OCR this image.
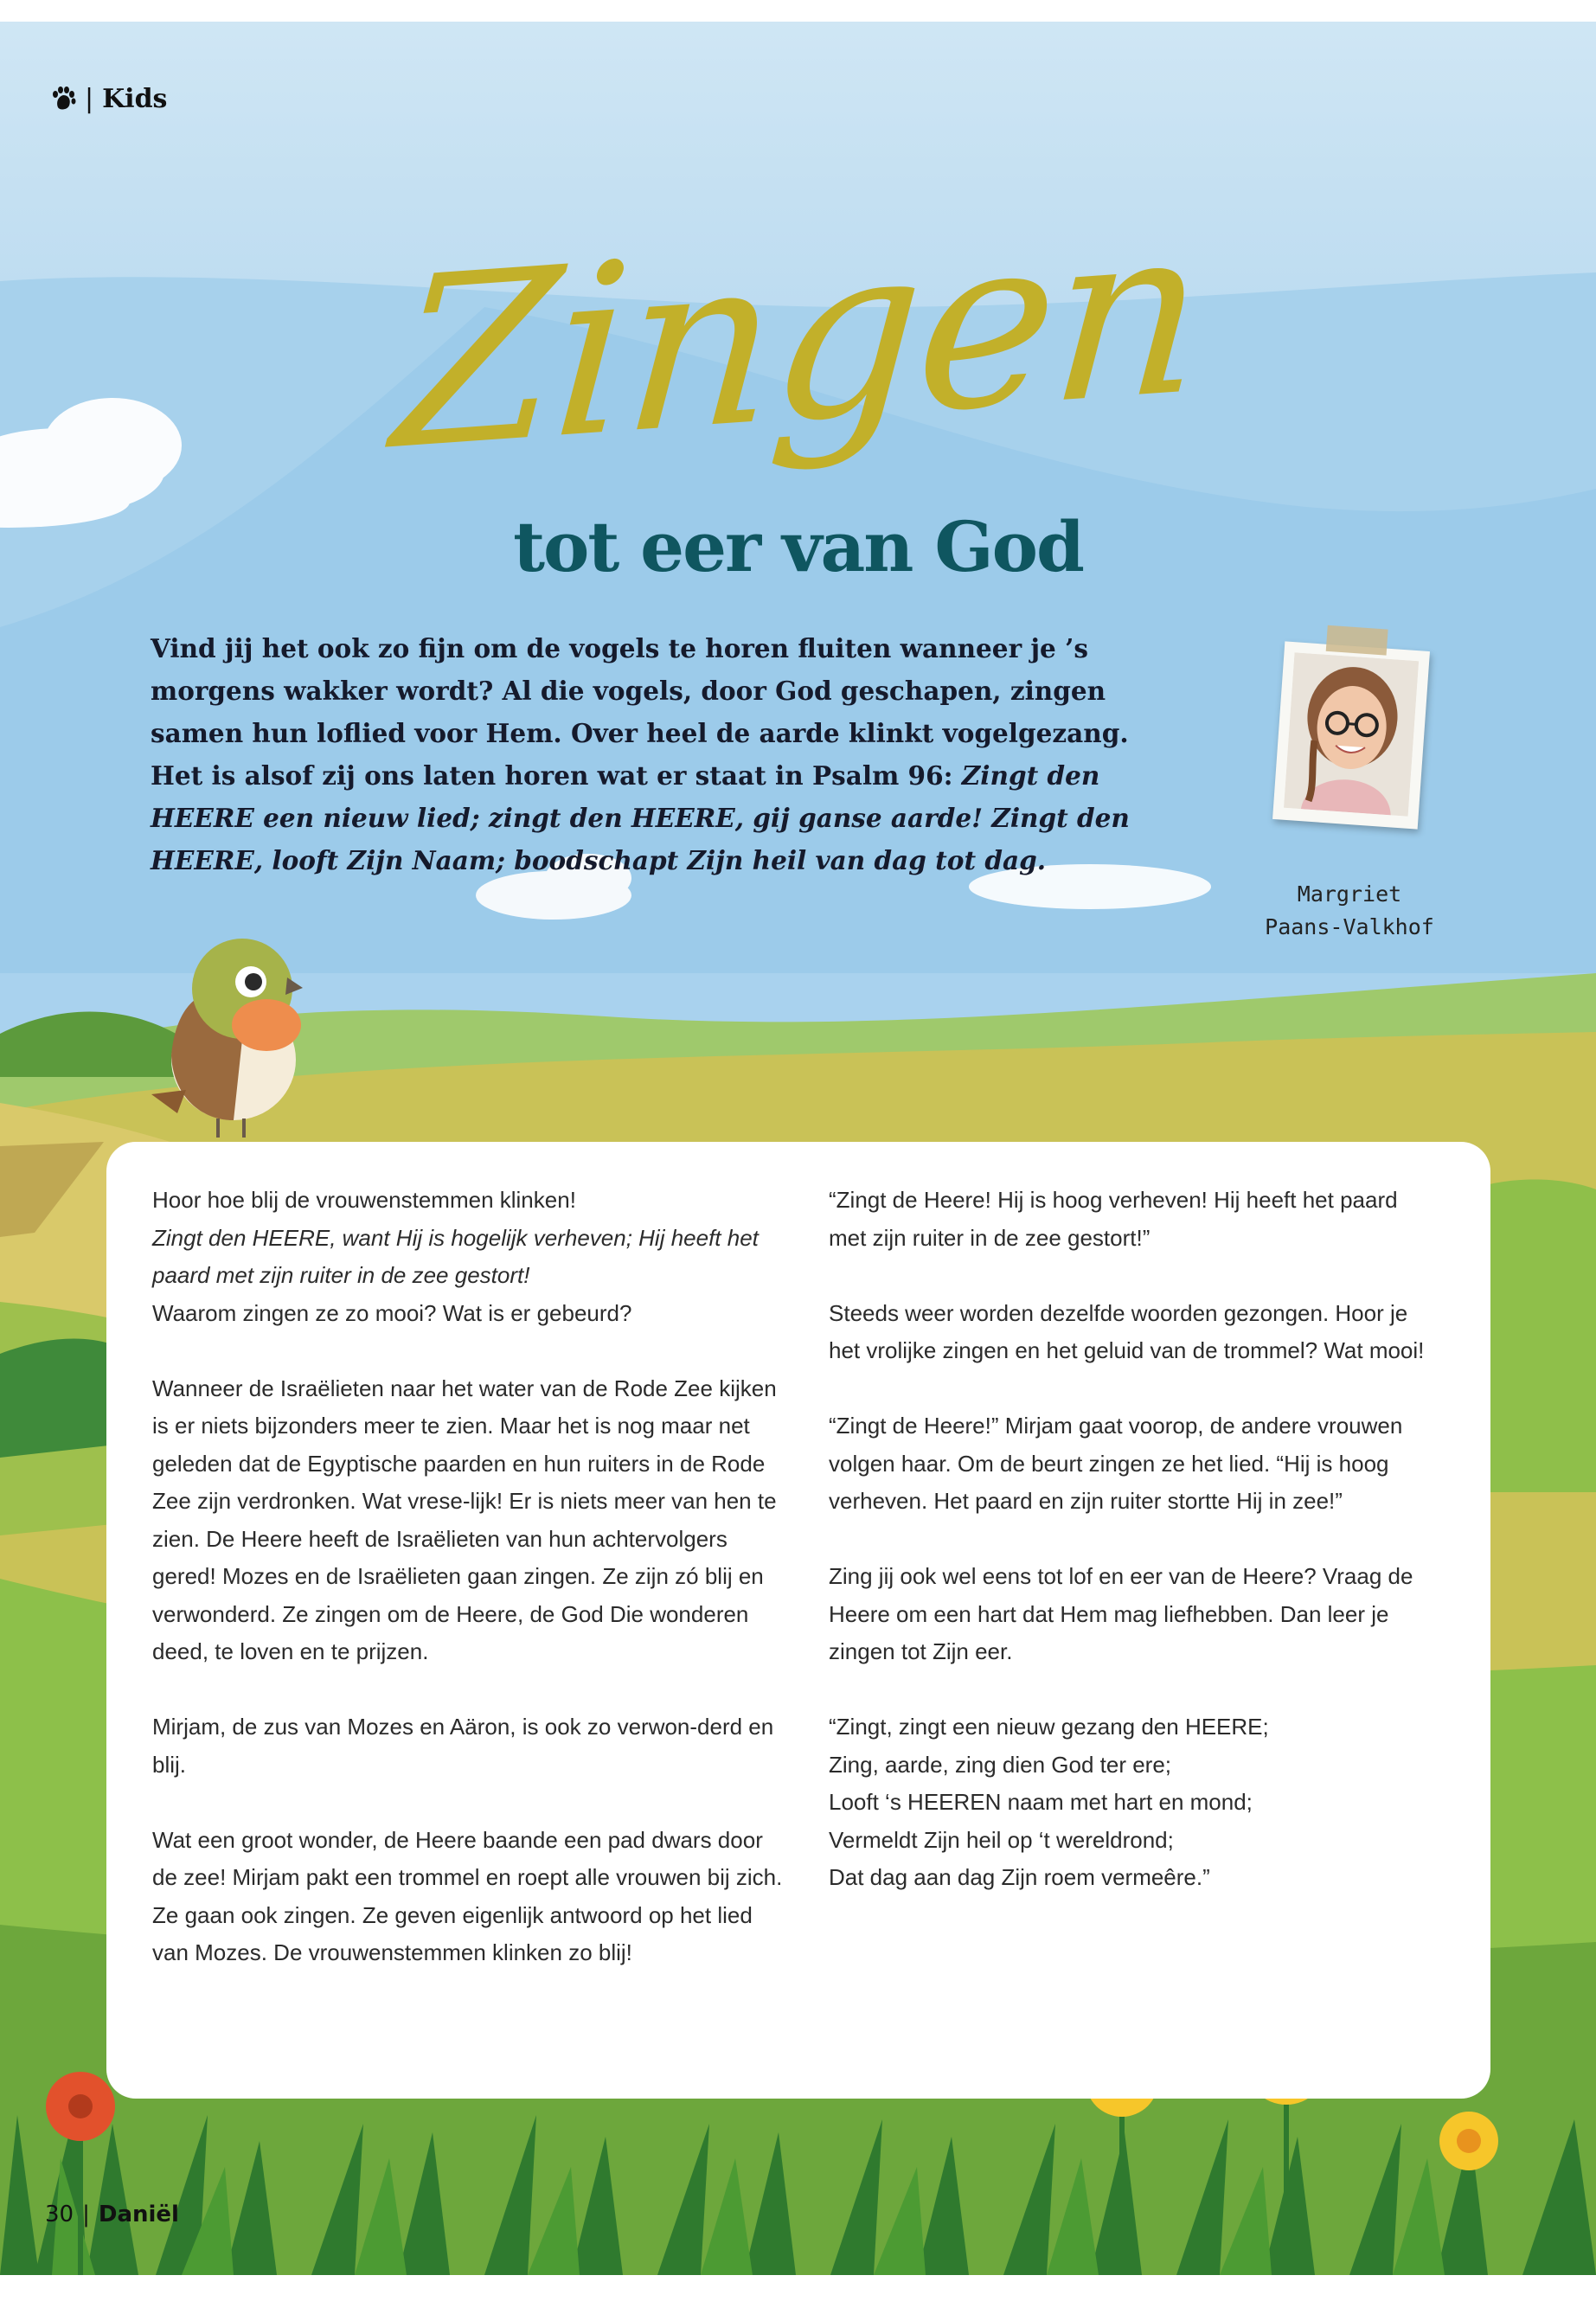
| Kids
Zingen
tot eer van God
Vind jij het ook zo fijn om de vogels te horen fluiten wanneer je ’s morgens wakker wordt? Al die vogels, door God geschapen, zingen samen hun loflied voor Hem. Over heel de aarde klinkt vogelgezang. Het is alsof zij ons laten horen wat er staat in Psalm 96: Zingt den HEERE een nieuw lied; zingt den HEERE, gij ganse aarde! Zingt den HEERE, looft Zijn Naam; boodschapt Zijn heil van dag tot dag.
Margriet
Paans-Valkhof

Hoor hoe blij de vrouwenstemmen klinken!
Zingt den HEERE, want Hij is hogelijk verheven; Hij heeft het paard met zijn ruiter in de zee gestort!
Waarom zingen ze zo mooi? Wat is er gebeurd?

Wanneer de Israëlieten naar het water van de Rode Zee kijken is er niets bijzonders meer te zien. Maar het is nog maar net geleden dat de Egyptische paarden en hun ruiters in de Rode Zee zijn verdronken. Wat vrese-lijk! Er is niets meer van hen te zien. De Heere heeft de Israëlieten van hun achtervolgers gered! Mozes en de Israëlieten gaan zingen. Ze zijn zó blij en verwonderd. Ze zingen om de Heere, de God Die wonderen deed, te loven en te prijzen.

Mirjam, de zus van Mozes en Aäron, is ook zo verwon-derd en blij.

Wat een groot wonder, de Heere baande een pad dwars door de zee! Mirjam pakt een trommel en roept alle vrouwen bij zich. Ze gaan ook zingen. Ze geven eigenlijk antwoord op het lied van Mozes. De vrouwenstemmen klinken zo blij!

“Zingt de Heere! Hij is hoog verheven! Hij heeft het paard met zijn ruiter in de zee gestort!”

Steeds weer worden dezelfde woorden gezongen. Hoor je het vrolijke zingen en het geluid van de trommel? Wat mooi!

“Zingt de Heere!” Mirjam gaat voorop, de andere vrouwen volgen haar. Om de beurt zingen ze het lied. “Hij is hoog verheven. Het paard en zijn ruiter stortte Hij in zee!”

Zing jij ook wel eens tot lof en eer van de Heere? Vraag de Heere om een hart dat Hem mag liefhebben. Dan leer je zingen tot Zijn eer.

“Zingt, zingt een nieuw gezang den HEERE;
Zing, aarde, zing dien God ter ere;
Looft ‘s HEEREN naam met hart en mond;
Vermeldt Zijn heil op ‘t wereldrond;
Dat dag aan dag Zijn roem vermeêre.”

30 | Daniël
